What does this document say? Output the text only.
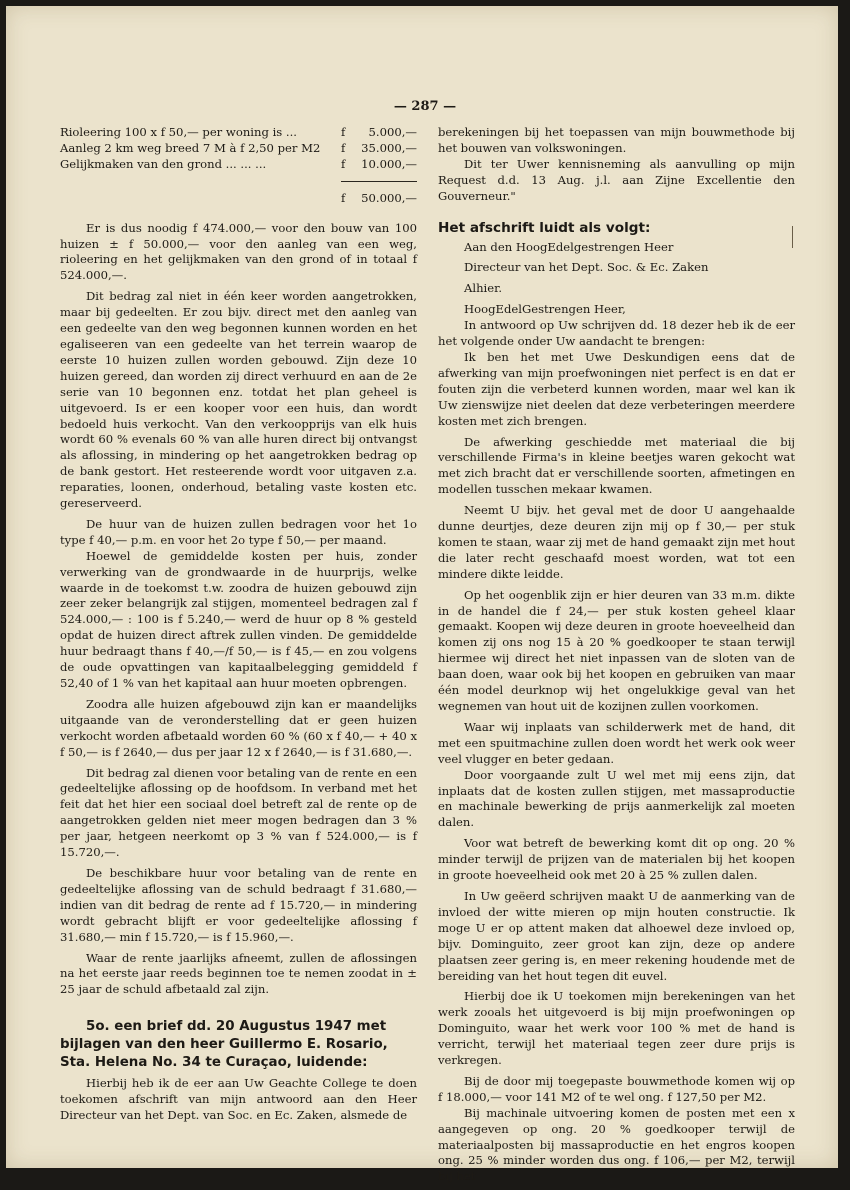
— 287 —
Rioleering 100 x f 50,— per woning is ...	f	5.000,—
Aanleg 2 km weg breed 7 M à f 2,50 per M2	f	35.000,—
Gelijkmaken van den grond ... ... ...	f	10.000,—

	f	50.000,—

Er is dus noodig f 474.000,— voor den bouw van 100 huizen ± f 50.000,— voor den aanleg van een weg, rioleering en het gelijkmaken van den grond of in totaal f 524.000,—.

Dit bedrag zal niet in één keer worden aangetrokken, maar bij gedeelten. Er zou bijv. direct met den aanleg van een gedeelte van den weg begonnen kunnen worden en het egaliseeren van een gedeelte van het terrein waarop de eerste 10 huizen zullen worden gebouwd. Zijn deze 10 huizen gereed, dan worden zij direct verhuurd en aan de 2e serie van 10 begonnen enz. totdat het plan geheel is uitgevoerd. Is er een kooper voor een huis, dan wordt bedoeld huis verkocht. Van den verkoopprijs van elk huis wordt 60 % evenals 60 % van alle huren direct bij ontvangst als aflossing, in mindering op het aangetrokken bedrag op de bank gestort. Het resteerende wordt voor uitgaven z.a. reparaties, loonen, onderhoud, betaling vaste kosten etc. gereserveerd.

De huur van de huizen zullen bedragen voor het 1o type f 40,— p.m. en voor het 2o type f 50,— per maand.

Hoewel de gemiddelde kosten per huis, zonder verwerking van de grondwaarde in de huurprijs, welke waarde in de toekomst t.w. zoodra de huizen gebouwd zijn zeer zeker belangrijk zal stijgen, momenteel bedragen zal f 524.000,— : 100 is f 5.240,— werd de huur op 8 % gesteld opdat de huizen direct aftrek zullen vinden. De gemiddelde huur bedraagt thans f 40,—/f 50,— is f 45,— en zou volgens de oude opvattingen van kapitaalbelegging gemiddeld f 52,40 of 1 % van het kapitaal aan huur moeten opbrengen.

Zoodra alle huizen afgebouwd zijn kan er maandelijks uitgaande van de veronderstelling dat er geen huizen verkocht worden afbetaald worden 60 % (60 x f 40,— + 40 x f 50,— is f 2640,— dus per jaar 12 x f 2640,— is f 31.680,—.

Dit bedrag zal dienen voor betaling van de rente en een gedeeltelijke aflossing op de hoofdsom. In verband met het feit dat het hier een sociaal doel betreft zal de rente op de aangetrokken gelden niet meer mogen bedragen dan 3 % per jaar, hetgeen neerkomt op 3 % van f 524.000,— is f 15.720,—.

De beschikbare huur voor betaling van de rente en gedeeltelijke aflossing van de schuld bedraagt f 31.680,— indien van dit bedrag de rente ad f 15.720,— in mindering wordt gebracht blijft er voor gedeeltelijke aflossing f 31.680,— min f 15.720,— is f 15.960,—.

Waar de rente jaarlijks afneemt, zullen de aflossingen na het eerste jaar reeds beginnen toe te nemen zoodat in ± 25 jaar de schuld afbetaald zal zijn.

5o. een brief dd. 20 Augustus 1947 met bijlagen van den heer Guillermo E. Rosario, Sta. Helena No. 34 te Curaçao, luidende:

Hierbij heb ik de eer aan Uw Geachte College te doen toekomen afschrift van mijn antwoord aan den Heer Directeur van het Dept. van Soc. en Ec. Zaken, alsmede de

berekeningen bij het toepassen van mijn bouwmethode bij het bouwen van volkswoningen.

Dit ter Uwer kennisneming als aanvulling op mijn Request d.d. 13 Aug. j.l. aan Zijne Excellentie den Gouverneur."

Het afschrift luidt als volgt:

Aan den HoogEdelgestrengen Heer

Directeur van het Dept. Soc. & Ec. Zaken

Alhier.

HoogEdelGestrengen Heer,

In antwoord op Uw schrijven dd. 18 dezer heb ik de eer het volgende onder Uw aandacht te brengen:

Ik ben het met Uwe Deskundigen eens dat de afwerking van mijn proefwoningen niet perfect is en dat er fouten zijn die verbeterd kunnen worden, maar wel kan ik Uw zienswijze niet deelen dat deze verbeteringen meerdere kosten met zich brengen.

De afwerking geschiedde met materiaal die bij verschillende Firma's in kleine beetjes waren gekocht wat met zich bracht dat er verschillende soorten, afmetingen en modellen tusschen mekaar kwamen.

Neemt U bijv. het geval met de door U aangehaalde dunne deurtjes, deze deuren zijn mij op f 30,— per stuk komen te staan, waar zij met de hand gemaakt zijn met hout die later recht geschaafd moest worden, wat tot een mindere dikte leidde.

Op het oogenblik zijn er hier deuren van 33 m.m. dikte in de handel die f 24,— per stuk kosten geheel klaar gemaakt. Koopen wij deze deuren in groote hoeveelheid dan komen zij ons nog 15 à 20 % goedkooper te staan terwijl hiermee wij direct het niet inpassen van de sloten van de baan doen, waar ook bij het koopen en gebruiken van maar één model deurknop wij het ongelukkige geval van het wegnemen van hout uit de kozijnen zullen voorkomen.

Waar wij inplaats van schilderwerk met de hand, dit met een spuitmachine zullen doen wordt het werk ook weer veel vlugger en beter gedaan.

Door voorgaande zult U wel met mij eens zijn, dat inplaats dat de kosten zullen stijgen, met massaproductie en machinale bewerking de prijs aanmerkelijk zal moeten dalen.

Voor wat betreft de bewerking komt dit op ong. 20 % minder terwijl de prijzen van de materialen bij het koopen in groote hoeveelheid ook met 20 à 25 % zullen dalen.

In Uw geëerd schrijven maakt U de aanmerking van de invloed der witte mieren op mijn houten constructie. Ik moge U er op attent maken dat alhoewel deze invloed op, bijv. Dominguito, zeer groot kan zijn, deze op andere plaatsen zeer gering is, en meer rekening houdende met de bereiding van het hout tegen dit euvel.

Hierbij doe ik U toekomen mijn berekeningen van het werk zooals het uitgevoerd is bij mijn proefwoningen op Dominguito, waar het werk voor 100 % met de hand is verricht, terwijl het materiaal tegen zeer dure prijs is verkregen.

Bij de door mij toegepaste bouwmethode komen wij op f 18.000,— voor 141 M2 of te wel ong. f 127,50 per M2.

Bij machinale uitvoering komen de posten met een x aangegeven op ong. 20 % goedkooper terwijl de materiaalposten bij massaproductie en het engros koopen ong. 25 % minder worden dus ong. f 106,— per M2, terwijl bij het
